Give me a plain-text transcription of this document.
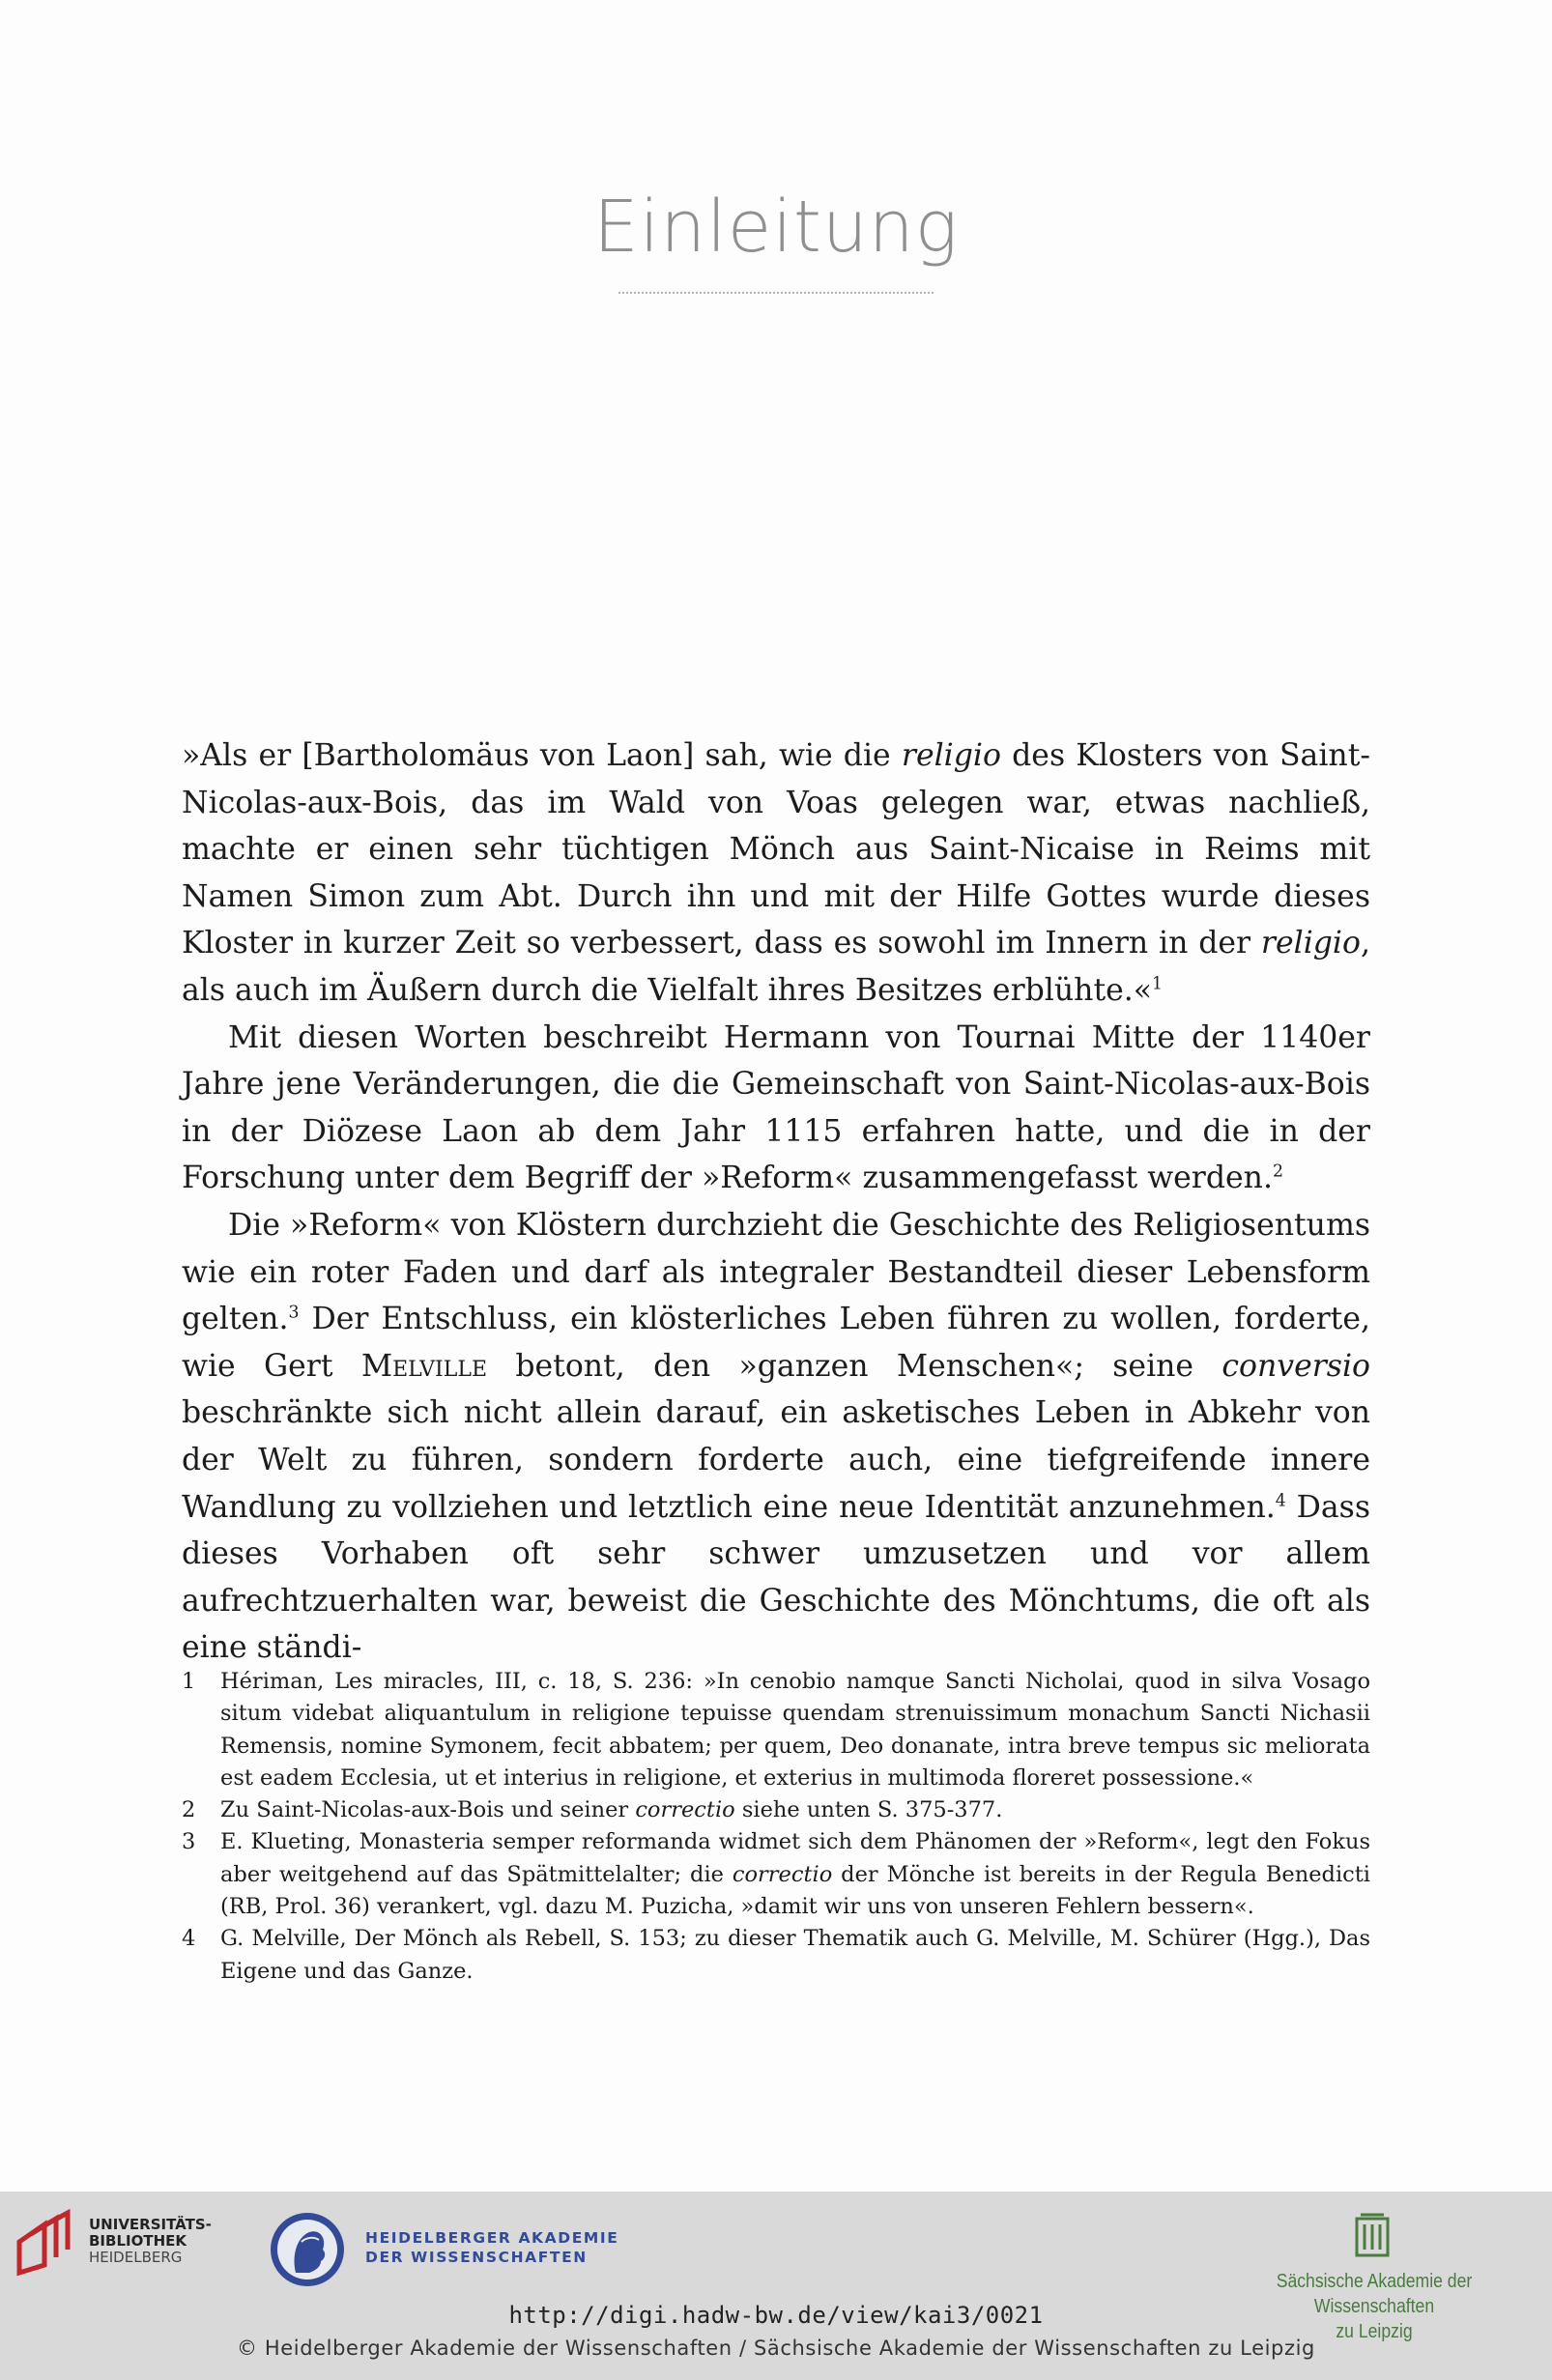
Einleitung

»Als er [Bartholomäus von Laon] sah, wie die religio des Klosters von Saint-Nicolas-aux-Bois, das im Wald von Voas gelegen war, etwas nachließ, machte er einen sehr tüchtigen Mönch aus Saint-Nicaise in Reims mit Namen Simon zum Abt. Durch ihn und mit der Hilfe Gottes wurde dieses Kloster in kurzer Zeit so verbessert, dass es sowohl im Innern in der religio, als auch im Äußern durch die Vielfalt ihres Besitzes erblühte.«$^1$

Mit diesen Worten beschreibt Hermann von Tournai Mitte der 1140er Jahre jene Veränderungen, die die Gemeinschaft von Saint-Nicolas-aux-Bois in der Diözese Laon ab dem Jahr 1115 erfahren hatte, und die in der Forschung unter dem Begriff der »Reform« zusammengefasst werden.$^2$

Die »Reform« von Klöstern durchzieht die Geschichte des Religiosentums wie ein roter Faden und darf als integraler Bestandteil dieser Lebensform gelten.$^3$ Der Entschluss, ein klösterliches Leben führen zu wollen, forderte, wie Gert Melville betont, den »ganzen Menschen«; seine conversio beschränkte sich nicht allein darauf, ein asketisches Leben in Abkehr von der Welt zu führen, sondern forderte auch, eine tiefgreifende innere Wandlung zu vollziehen und letztlich eine neue Identität anzunehmen.$^4$ Dass dieses Vorhaben oft sehr schwer umzusetzen und vor allem aufrechtzuerhalten war, beweist die Geschichte des Mönchtums, die oft als eine ständi-

1	Hériman, Les miracles, III, c. 18, S. 236: »In cenobio namque Sancti Nicholai, quod in silva Vosago situm videbat aliquantulum in religione tepuisse quendam strenuissimum monachum Sancti Nichasii Remensis, nomine Symonem, fecit abbatem; per quem, Deo donanate, intra breve tempus sic meliorata est eadem Ecclesia, ut et interius in religione, et exterius in multimoda floreret possessione.«
2	Zu Saint-Nicolas-aux-Bois und seiner correctio siehe unten S. 375-377.
3	E. Klueting, Monasteria semper reformanda widmet sich dem Phänomen der »Reform«, legt den Fokus aber weitgehend auf das Spätmittelalter; die correctio der Mönche ist bereits in der Regula Benedicti (RB, Prol. 36) verankert, vgl. dazu M. Puzicha, »damit wir uns von unseren Fehlern bessern«.
4	G. Melville, Der Mönch als Rebell, S. 153; zu dieser Thematik auch G. Melville, M. Schürer (Hgg.), Das Eigene und das Ganze.
UNIVERSITÄTS-
BIBLIOTHEK
HEIDELBERG
HEIDELBERGER AKADEMIE
DER WISSENSCHAFTEN
Sächsische Akademie der Wissenschaften
zu Leipzig
http://digi.hadw-bw.de/view/kai3/0021
© Heidelberger Akademie der Wissenschaften / Sächsische Akademie der Wissenschaften zu Leipzig
